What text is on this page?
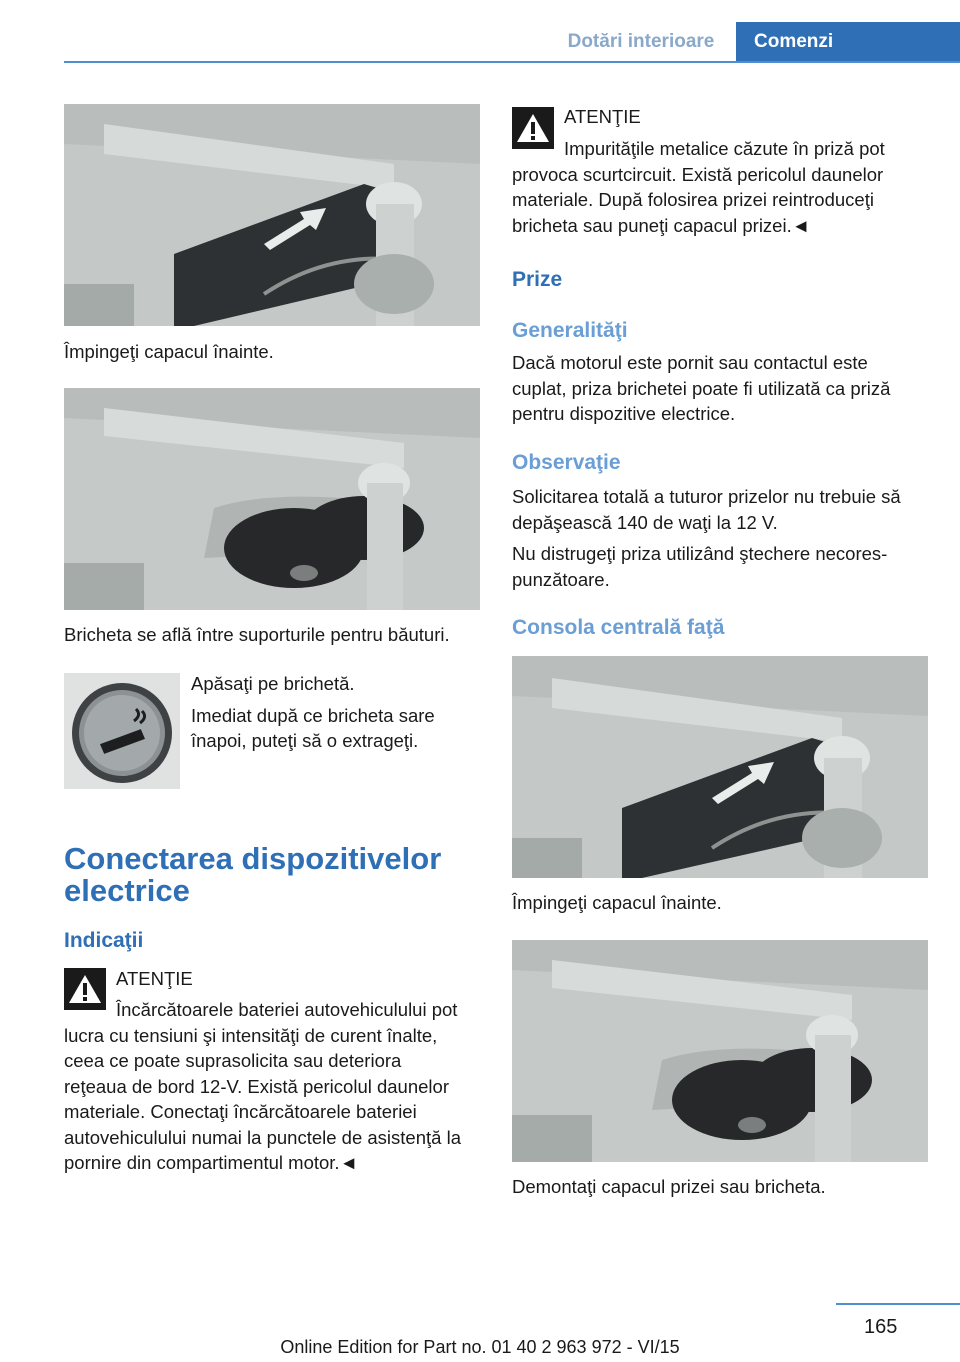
Dotări interioare	Comenzi
Împingeţi capacul înainte.
Bricheta se află între suporturile pentru băuturi.

Apăsaţi pe brichetă.

Imediat după ce bricheta sare înapoi, puteţi să o extrageţi.

Conectarea dispozitivelor electrice
Indicaţii
ATENŢIE
Încărcătoarele bateriei autovehiculului pot lucra cu tensiuni şi intensităţi de curent înalte, ceea ce poate suprasolicita sau deteriora reţeaua de bord 12-V. Există pericolul daunelor materiale. Conectaţi încărcătoarele bateriei autovehiculului numai la punctele de asistenţă la pornire din compartimentul motor.◄
ATENŢIE
Impurităţile metalice căzute în priză pot provoca scurtcircuit. Există pericolul daunelor materiale. După folosirea prizei reintroduceţi bricheta sau puneţi capacul prizei.◄
Prize
Generalităţi
Dacă motorul este pornit sau contactul este cuplat, priza brichetei poate fi utilizată ca priză pentru dispozitive electrice.
Observaţie

Solicitarea totală a tuturor prizelor nu trebuie să depăşească 140 de waţi la 12 V.

Nu distrugeţi priza utilizând ştechere necorespunzătoare.

Consola centrală faţă
Împingeţi capacul înainte.
Demontaţi capacul prizei sau bricheta.
165
Online Edition for Part no. 01 40 2 963 972 - VI/15
